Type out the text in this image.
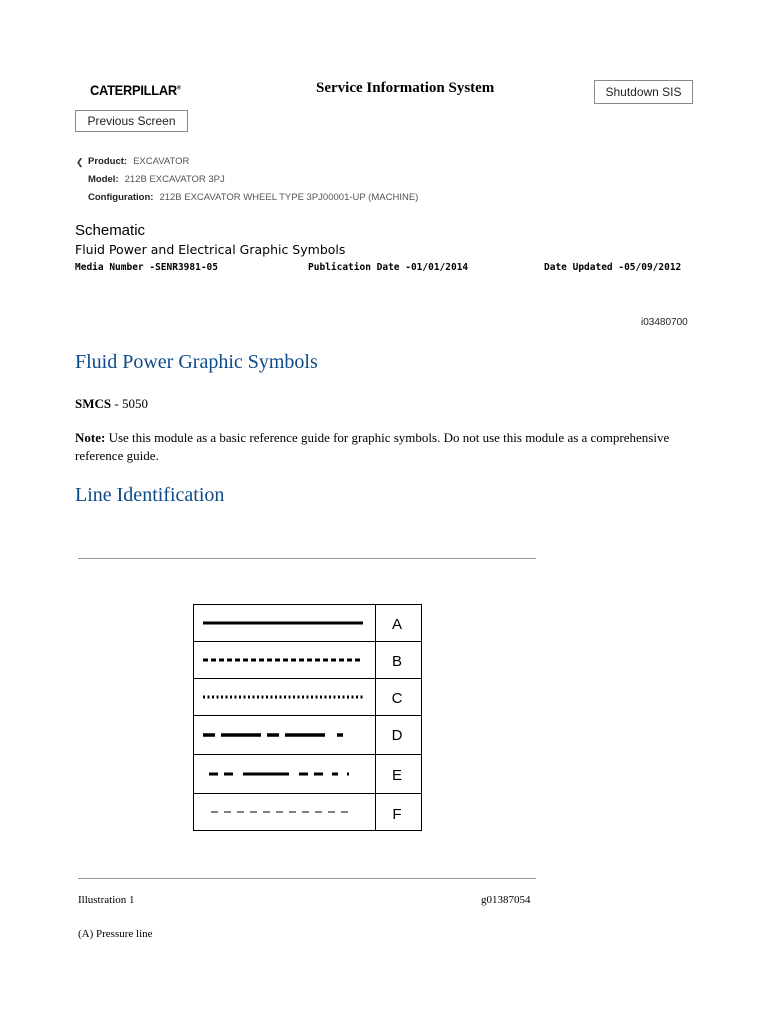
CATERPILLAR®	Service Information System	Shutdown SIS
Previous Screen
❮ Product: EXCAVATOR
Model: 212B EXCAVATOR 3PJ
Configuration: 212B EXCAVATOR WHEEL TYPE 3PJ00001-UP (MACHINE)
Schematic
Fluid Power and Electrical Graphic Symbols
Media Number -SENR3981-05	Publication Date -01/01/2014	Date Updated -05/09/2012
i03480700
Fluid Power Graphic Symbols
SMCS - 5050
Note: Use this module as a basic reference guide for graphic symbols. Do not use this module as a comprehensive reference guide.
Line Identification
A
B
C
D
E
F
Illustration 1	g01387054
(A) Pressure line
